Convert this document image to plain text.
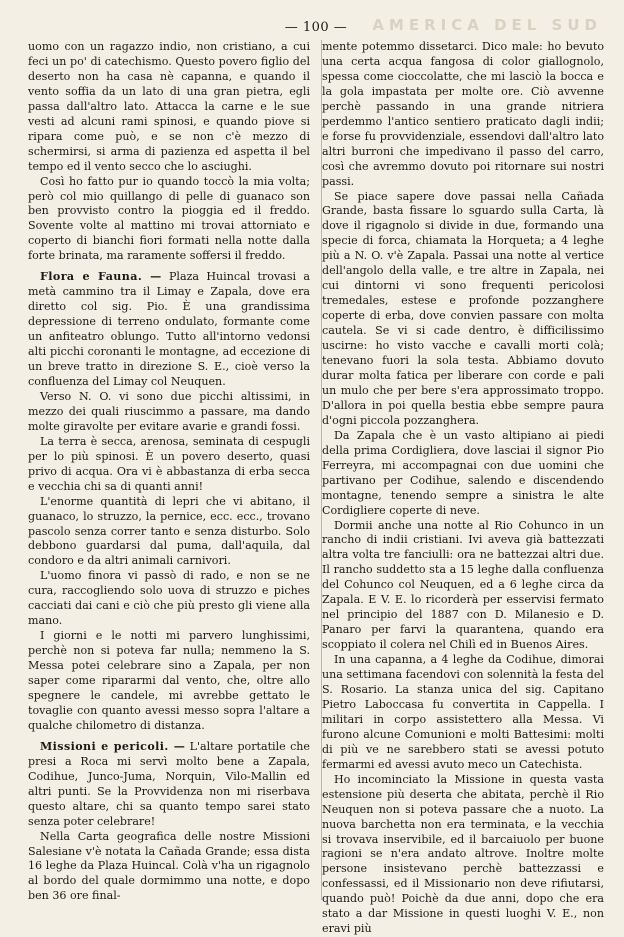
— 100 — AMERICA DEL SUD

uomo con un ragazzo indio, non cristiano, a cui feci un po' di catechismo. Questo povero figlio del deserto non ha casa nè capanna, e quando il vento soffia da un lato di una gran pietra, egli passa dall'altro lato. Attacca la carne e le sue vesti ad alcuni rami spinosi, e quando piove si ripara come può, e se non c'è mezzo di schermirsi, si arma di pazienza ed aspetta il bel tempo ed il vento secco che lo asciughi.

Così ho fatto pur io quando toccò la mia volta; però col mio quillango di pelle di guanaco son ben provvisto contro la pioggia ed il freddo. Sovente volte al mattino mi trovai attorniato e coperto di bianchi fiori formati nella notte dalla forte brinata, ma raramente soffersi il freddo.

Flora e Fauna. — Plaza Huincal trovasi a metà cammino tra il Limay e Zapala, dove era diretto col sig. Pio. È una grandissima depressione di terreno ondulato, formante come un anfiteatro oblungo. Tutto all'intorno vedonsi alti picchi coronanti le montagne, ad eccezione di un breve tratto in direzione S. E., cioè verso la confluenza del Limay col Neuquen.

Verso N. O. vi sono due picchi altissimi, in mezzo dei quali riuscimmo a passare, ma dando molte giravolte per evitare avarie e grandi fossi.

La terra è secca, arenosa, seminata di cespugli per lo più spinosi. È un povero deserto, quasi privo di acqua. Ora vi è abbastanza di erba secca e vecchia chi sa di quanti anni!

L'enorme quantità di lepri che vi abitano, il guanaco, lo struzzo, la pernice, ecc. ecc., trovano pascolo senza correr tanto e senza disturbo. Solo debbono guardarsi dal puma, dall'aquila, dal condoro e da altri animali carnivori.

L'uomo finora vi passò di rado, e non se ne cura, raccogliendo solo uova di struzzo e piches cacciati dai cani e ciò che più presto gli viene alla mano.

I giorni e le notti mi parvero lunghissimi, perchè non si poteva far nulla; nemmeno la S. Messa potei celebrare sino a Zapala, per non saper come ripararmi dal vento, che, oltre allo spegnere le candele, mi avrebbe gettato le tovaglie con quanto avessi messo sopra l'altare a qualche chilometro di distanza.

Missioni e pericoli. — L'altare portatile che presi a Roca mi servì molto bene a Zapala, Codihue, Junco-Juma, Norquin, Vilo-Mallin ed altri punti. Se la Provvidenza non mi riserbava questo altare, chi sa quanto tempo sarei stato senza poter celebrare!

Nella Carta geografica delle nostre Missioni Salesiane v'è notata la Cañada Grande; essa dista 16 leghe da Plaza Huincal. Colà v'ha un rigagnolo al bordo del quale dormimmo una notte, e dopo ben 36 ore final-

mente potemmo dissetarci. Dico male: ho bevuto una certa acqua fangosa di color giallognolo, spessa come cioccolatte, che mi lasciò la bocca e la gola impastata per molte ore. Ciò avvenne perchè passando in una grande nitriera perdemmo l'antico sentiero praticato dagli indii; e forse fu provvidenziale, essendovi dall'altro lato altri burroni che impedivano il passo del carro, così che avremmo dovuto poi ritornare sui nostri passi.

Se piace sapere dove passai nella Cañada Grande, basta fissare lo sguardo sulla Carta, là dove il rigagnolo si divide in due, formando una specie di forca, chiamata la Horqueta; a 4 leghe più a N. O. v'è Zapala. Passai una notte al vertice dell'angolo della valle, e tre altre in Zapala, nei cui dintorni vi sono frequenti pericolosi tremedales, estese e profonde pozzanghere coperte di erba, dove convien passare con molta cautela. Se vi si cade dentro, è difficilissimo uscirne: ho visto vacche e cavalli morti colà; tenevano fuori la sola testa. Abbiamo dovuto durar molta fatica per liberare con corde e pali un mulo che per bere s'era approssimato troppo. D'allora in poi quella bestia ebbe sempre paura d'ogni piccola pozzanghera.

Da Zapala che è un vasto altipiano ai piedi della prima Cordigliera, dove lasciai il signor Pio Ferreyra, mi accompagnai con due uomini che partivano per Codihue, salendo e discendendo montagne, tenendo sempre a sinistra le alte Cordigliere coperte di neve.

Dormii anche una notte al Rio Cohunco in un rancho di indii cristiani. Ivi aveva già battezzati altra volta tre fanciulli: ora ne battezzai altri due. Il rancho suddetto sta a 15 leghe dalla confluenza del Cohunco col Neuquen, ed a 6 leghe circa da Zapala. E V. E. lo ricorderà per esservisi fermato nel principio del 1887 con D. Milanesio e D. Panaro per farvi la quarantena, quando era scoppiato il colera nel Chilì ed in Buenos Aires.

In una capanna, a 4 leghe da Codihue, dimorai una settimana facendovi con solennità la festa del S. Rosario. La stanza unica del sig. Capitano Pietro Laboccasa fu convertita in Cappella. I militari in corpo assistettero alla Messa. Vi furono alcune Comunioni e molti Battesimi: molti di più ve ne sarebbero stati se avessi potuto fermarmi ed avessi avuto meco un Catechista.

Ho incominciato la Missione in questa vasta estensione più deserta che abitata, perchè il Rio Neuquen non si poteva passare che a nuoto. La nuova barchetta non era terminata, e la vecchia si trovava inservibile, ed il barcaiuolo per buone ragioni se n'era andato altrove. Inoltre molte persone insistevano perchè battezzassi e confessassi, ed il Missionario non deve rifiutarsi, quando può! Poichè da due anni, dopo che era stato a dar Missione in questi luoghi V. E., non eravi più
